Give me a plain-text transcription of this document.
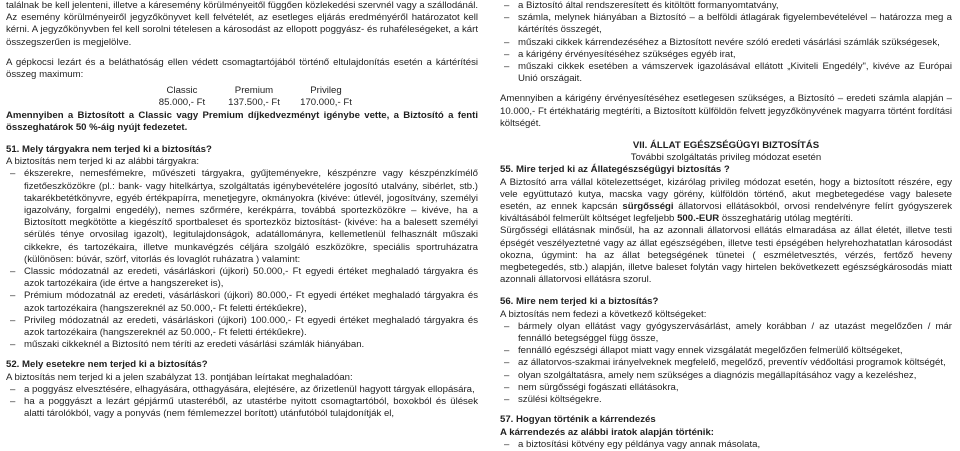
találnak be kell jelenteni, illetve a káresemény körülményeitől függően közlekedési szervnél vagy a szállodánál. Az esemény körülményeiről jegyzőkönyvet kell felvételét, az esetleges eljárás eredményéről határozatot kell kérni. A jegyzőkönyvben fel kell sorolni tételesen a károsodást az ellopott poggyász- és ruhaféleségeket, a kárt összegszerűen is megjelölve.

A gépkocsi lezárt és a beláthatóság ellen védett csomagtartójából történő eltulajdonítás esetén a kártérítési összeg maximum:

Classic	Premium	Privileg
85.000,- Ft	137.500,- Ft	170.000,- Ft

Amennyiben a Biztosított a Classic vagy Premium díjkedvezményt igénybe vette, a Biztosító a fenti összeghatárok 50 %-áig nyújt fedezetet.

51. Mely tárgyakra nem terjed ki a biztosítás?

A biztosítás nem terjed ki az alábbi tárgyakra:

– ékszerekre, nemesfémekre, művészeti tárgyakra, gyűjteményekre, készpénzre vagy készpénzkímélő fizetőeszközökre (pl.: bank- vagy hitelkártya, szolgáltatás igénybevételére jogosító utalvány, sibérlet, stb.) takarékbetétkönyvre, egyéb értékpapírra, menetjegyre, okmányokra (kivéve: útlevél, jogosítvány, személyi igazolvány, forgalmi engedély), nemes szőrmére, kerékpárra, továbbá sportezközökre – kivéve, ha a Biztosított megkötötte a kiegészítő sportbaleset és sportezköz biztosítást- (kivéve: ha a balesett személyi sérülés ténye orvosilag igazolt), legitulajdonságok, adatállományra, kellemetlenül felhasznált műszaki cikkekre, és tartozékaira, illetve munkavégzés céljára szolgáló eszközökre, speciális sportruházatra (különösen: búvár, szörf, vitorlás és lovaglót ruházatra ) valamint:
– Classic módozatnál az eredeti, vásárláskori (újkori) 50.000,- Ft egyedi értéket meghaladó tárgyakra és azok tartozékaira (ide értve a hangszereket is),
– Prémium módozatnál az eredeti, vásárláskori (újkori) 80.000,- Ft egyedi értéket meghaladó tárgyakra és azok tartozékaira (hangszereknél az 50.000,- Ft feletti értékűekre),
– Privileg módozatnál az eredeti, vásárláskori (újkori) 100.000,- Ft egyedi értéket meghaladó tárgyakra és azok tartozékaira (hangszereknél az 50.000,- Ft feletti értékűekre).
– műszaki cikkeknél a Biztosító nem téríti az eredeti vásárlási számlák hiányában.

52. Mely esetekre nem terjed ki a biztosítás?

A biztosítás nem terjed ki a jelen szabályzat 13. pontjában leírtakat meghaladóan:

– a poggyász elvesztésére, elhagyására, otthagyására, elejtésére, az őrizetlenül hagyott tárgyak ellopására,
– ha a poggyászt a lezárt gépjármű utasteréből, az utastérbe nyitott csomagtartóból, boxokból és ülések alatti tárolókból, vagy a ponyvás (nem fémlemezzel borított) utánfutóból tulajdonítják el,
– a Biztosító által rendszeresített és kitöltött formanyomtatvány,
– számla, melynek hiányában a Biztosító – a belföldi átlagárak figyelembevételével – határozza meg a kártérítés összegét,
– műszaki cikkek kárrendezéséhez a Biztosított nevére szóló eredeti vásárlási számlák szükségesek,
– a kárigény érvényesítéséhez szükséges egyéb irat,
– műszaki cikkek esetében a vámszervek igazolásával ellátott „Kiviteli Engedély", kivéve az Európai Unió országait.

Amennyiben a kárigény érvényesítéséhez esetlegesen szükséges, a Biztosító – eredeti számla alapján – 10.000,- Ft értékhatárig megtéríti, a Biztosított külföldön felvett jegyzőkönyvének magyarra történt fordítási költségét.

VII. ÁLLAT EGÉSZSÉGÜGYI BIZTOSÍTÁS

További szolgáltatás privileg módozat esetén

55. Mire terjed ki az Állategészségügyi biztosítás ?

A Biztosító arra vállal kötelezettséget, kizárólag privileg módozat esetén, hogy a biztosított részére, egy vele együttutazó kutya, macska vagy görény, külföldön történő, akut megbetegedése vagy balesete esetén, az ennek kapcsán sürgősségi állatorvosi ellátásokból, orvosi rendelvényre felírt gyógyszerek kiváltásából felmerült költséget legfeljebb 500.-EUR összeghatárig utólag megtéríti.

Sürgősségi ellátásnak minősül, ha az azonnali állatorvosi ellátás elmaradása az állat életét, illetve testi épségét veszélyeztetné vagy az állat egészségében, illetve testi épségében helyrehozhatatlan károsodást okozna, úgymint: ha az állat betegségének tünetei ( eszméletvesztés, vérzés, fertőző heveny megbetegedés, stb.) alapján, illetve baleset folytán vagy hirtelen bekövetkezett egészségkárosodás miatt azonnali állatorvosi ellátásra szorul.

56. Mire nem terjed ki a biztosítás?

A biztosítás nem fedezi a következő költségeket:

– bármely olyan ellátást vagy gyógyszervásárlást, amely korábban / az utazást megelőzően / már fennálló betegséggel függ össze,
– fennálló egészségi állapot miatt vagy ennek vizsgálatát megelőzően felmerülő költségeket,
– az állatorvos-szakmai irányelveknek megfelelő, megelőző, preventív védőoltási programok költségét,
– olyan szolgáltatásra, amely nem szükséges a diagnózis megállapításához vagy a kezeléshez,
– nem sürgősségi fogászati ellátásokra,
– szülési költségekre.

57. Hogyan történik a kárrendezés

A kárrendezés az alábbi iratok alapján történik:

– a biztosítási kötvény egy példánya vagy annak másolata,
